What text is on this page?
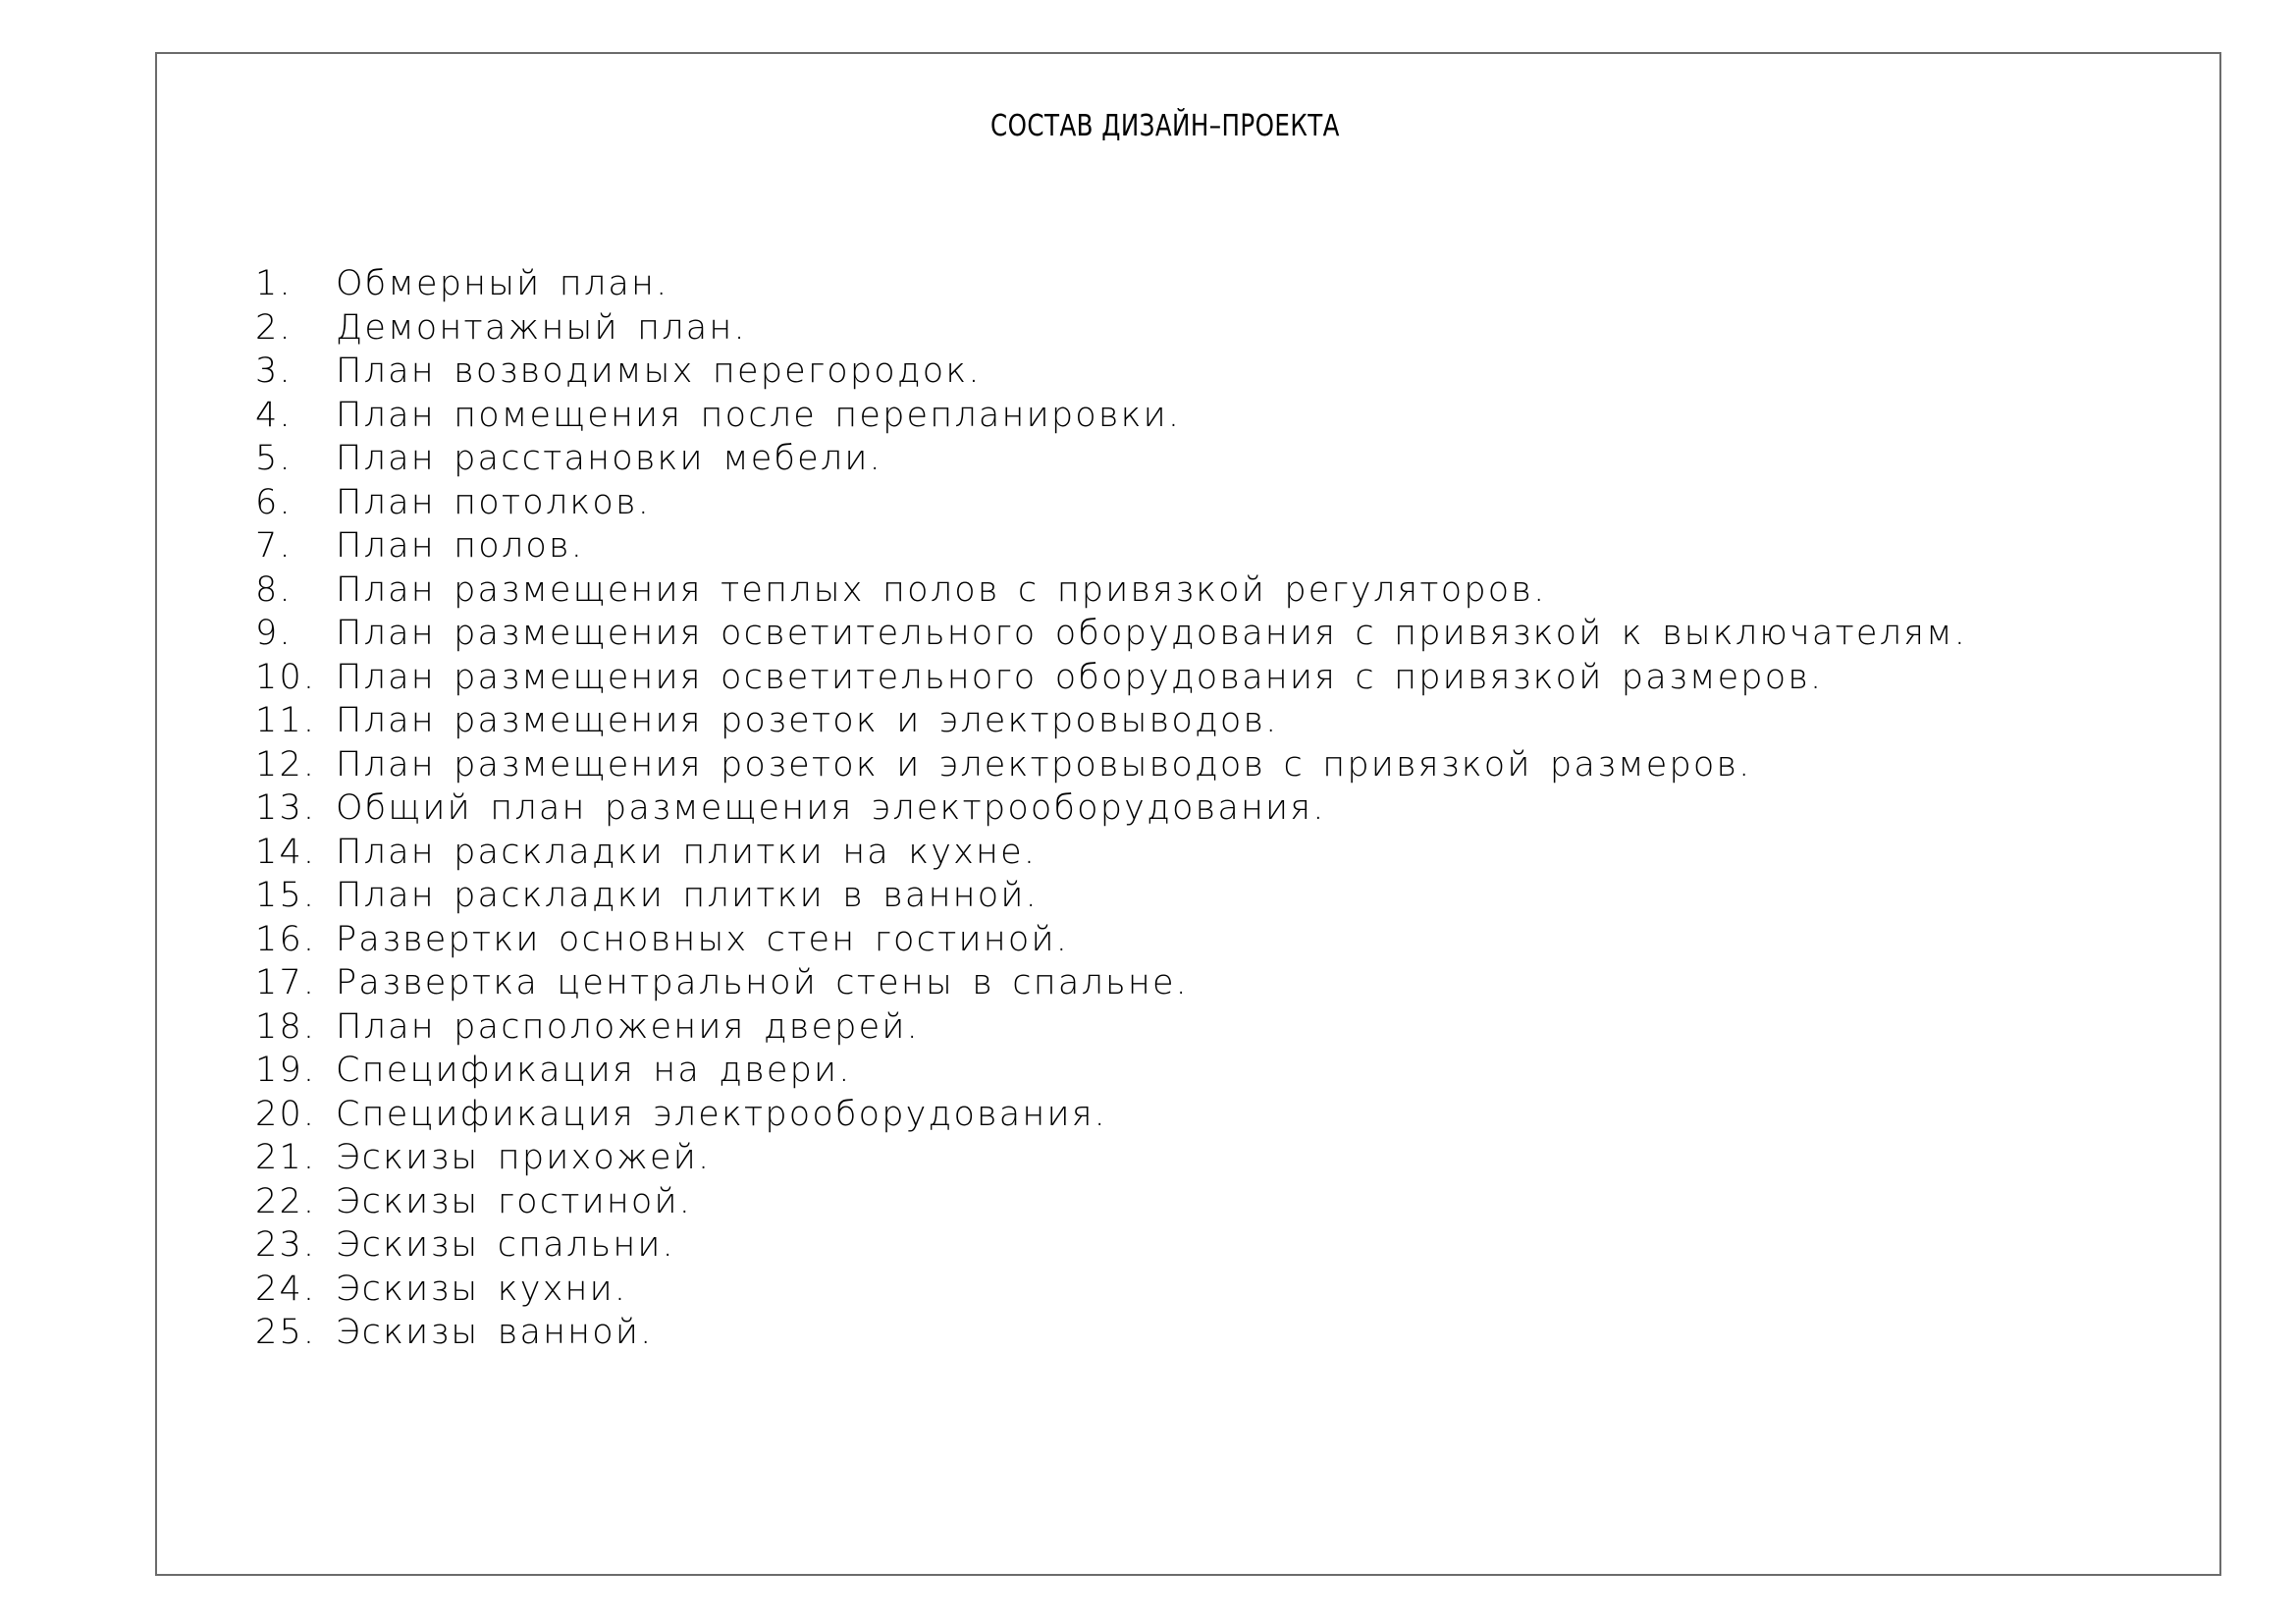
СОСТАВ ДИЗАЙН–ПРОЕКТА
1.	Обмерный план.
2.	Демонтажный план.
3.	План возводимых перегородок.
4.	План помещения после перепланировки.
5.	План расстановки мебели.
6.	План потолков.
7.	План полов.
8.	План размещения теплых полов с привязкой регуляторов.
9.	План размещения осветительного оборудования с привязкой к выключателям.
10. План размещения осветительного оборудования с привязкой размеров.
11. План размещения розеток и электровыводов.
12. План размещения розеток и электровыводов с привязкой размеров.
13. Общий план размещения электрооборудования.
14. План раскладки плитки на кухне.
15. План раскладки плитки в ванной.
16. Развертки основных стен гостиной.
17. Развертка центральной стены в спальне.
18. План расположения дверей.
19. Спецификация на двери.
20. Спецификация электрооборудования.
21. Эскизы прихожей.
22. Эскизы гостиной.
23. Эскизы спальни.
24. Эскизы кухни.
25. Эскизы ванной.
